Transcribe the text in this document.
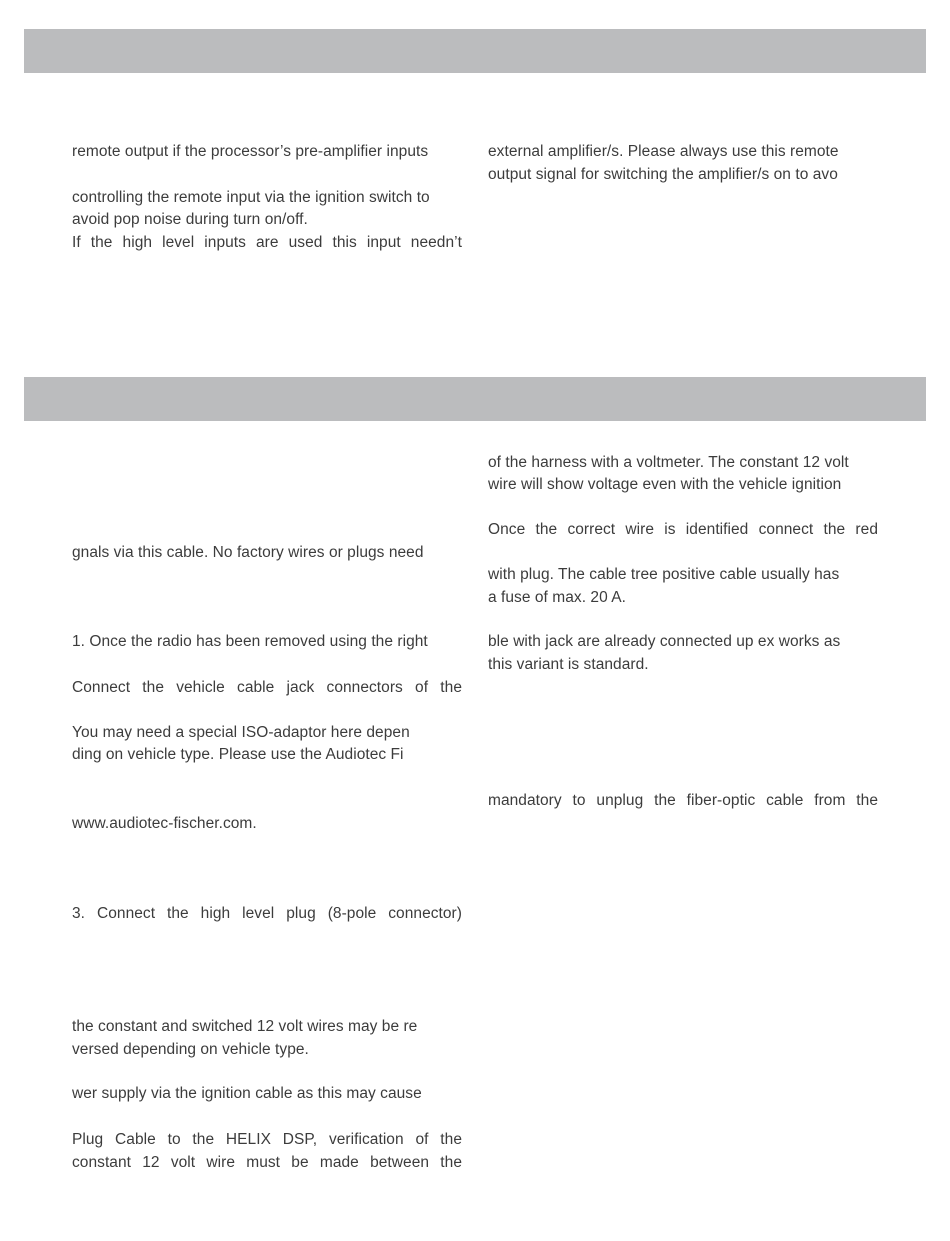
remote output if the processor’s pre-amplifier inputs
controlling the remote input via the ignition switch to
avoid pop noise during turn on/off.
If the high level inputs are used this input needn’t
external amplifier/s. Please always use this remote
output signal for switching the amplifier/s on to avo
gnals via this cable. No factory wires or plugs need
1. Once the radio has been removed using the right
Connect the vehicle cable jack connectors of the
You may need a special ISO-adaptor here depen
ding on vehicle type. Please use the Audiotec Fi
www.audiotec-fischer.com.
3. Connect the high level plug (8-pole connector)
the constant and switched 12 volt wires may be re
versed depending on vehicle type.
wer supply via the ignition cable as this may cause
Plug Cable to the HELIX DSP, verification of the
constant 12 volt wire must be made between the
of the harness with a voltmeter. The constant 12 volt
wire will show voltage even with the vehicle ignition
Once the correct wire is identified connect the red
with plug. The cable tree positive cable usually has
a fuse of max. 20 A.
ble with jack are already connected up ex works as
this variant is standard.
mandatory to unplug the fiber-optic cable from the
